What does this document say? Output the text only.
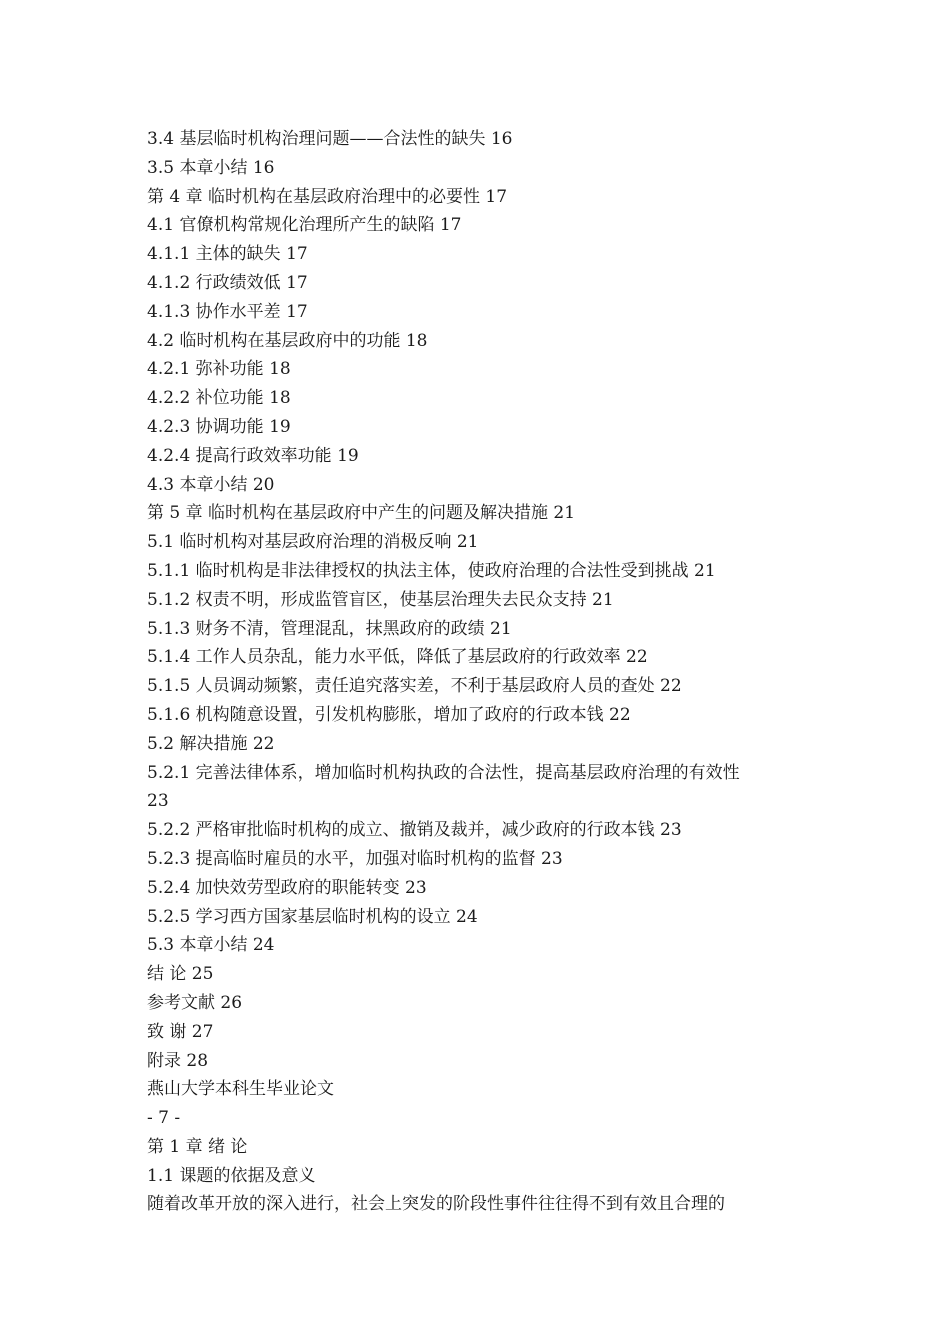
3.4 基层临时机构治理问题——合法性的缺失 16
3.5 本章小结 16
第 4 章 临时机构在基层政府治理中的必要性 17
4.1 官僚机构常规化治理所产生的缺陷 17
4.1.1 主体的缺失 17
4.1.2 行政绩效低 17
4.1.3 协作水平差 17
4.2 临时机构在基层政府中的功能 18
4.2.1 弥补功能 18
4.2.2 补位功能 18
4.2.3 协调功能 19
4.2.4 提高行政效率功能 19
4.3 本章小结 20
第 5 章 临时机构在基层政府中产生的问题及解决措施 21
5.1 临时机构对基层政府治理的消极反响 21
5.1.1 临时机构是非法律授权的执法主体，使政府治理的合法性受到挑战 21
5.1.2 权责不明，形成监管盲区，使基层治理失去民众支持 21
5.1.3 财务不清，管理混乱，抹黑政府的政绩 21
5.1.4 工作人员杂乱，能力水平低，降低了基层政府的行政效率 22
5.1.5 人员调动频繁，责任追究落实差，不利于基层政府人员的查处 22
5.1.6 机构随意设置，引发机构膨胀，增加了政府的行政本钱 22
5.2 解决措施 22
5.2.1 完善法律体系，增加临时机构执政的合法性，提高基层政府治理的有效性
23
5.2.2 严格审批临时机构的成立、撤销及裁并，减少政府的行政本钱 23
5.2.3 提高临时雇员的水平，加强对临时机构的监督 23
5.2.4 加快效劳型政府的职能转变 23
5.2.5 学习西方国家基层临时机构的设立 24
5.3 本章小结 24
结 论 25
参考文献 26
致 谢 27
附录 28
燕山大学本科生毕业论文
- 7 -
第 1 章 绪 论
1.1 课题的依据及意义
随着改革开放的深入进行，社会上突发的阶段性事件往往得不到有效且合理的
